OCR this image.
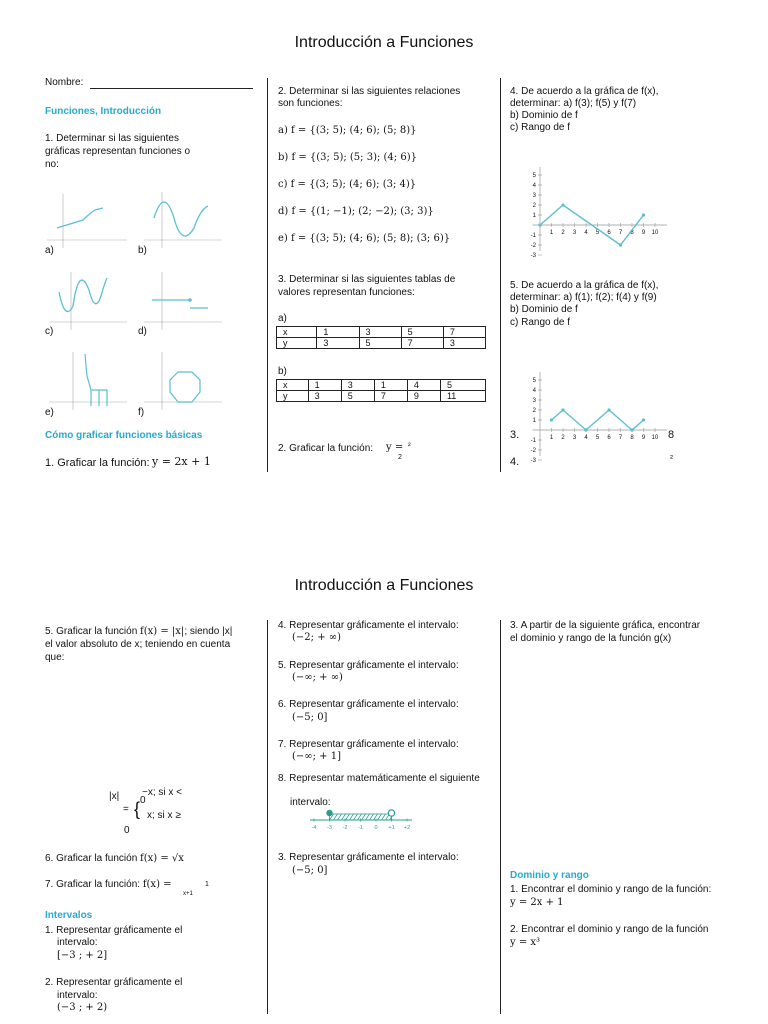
Introducción a Funciones
Nombre:
Funciones, Introducción
1. Determinar si las siguientes
gráficas representan funciones o
no:
a)	b)
c)	d)
e)	f)
Cómo graficar funciones básicas
1. Graficar la función: y = 2x + 1
2. Determinar si las siguientes relaciones
son funciones:
a) f = {(3; 5); (4; 6); (5; 8)}
b) f = {(3; 5); (5; 3); (4; 6)}
c) f = {(3; 5); (4; 6); (3; 4)}
d) f = {(1; −1); (2; −2); (3; 3)}
e) f = {(3; 5); (4; 6); (5; 8); (3; 6)}
3. Determinar si las siguientes tablas de
valores representan funciones:
a)
x	1	3	5	7
y	3	5	7	3
b)
x	1	3	1	4	5
y	3	5	7	9	11
2. Graficar la función: y =
2
²
4. De acuerdo a la gráfica de f(x),
determinar: a) f(3); f(5) y f(7)
b) Dominio de f
c) Rango de f
1 2 3 4 5 6 7 8 9 10
5
4
3
2
1
-1
-2
-3
5. De acuerdo a la gráfica de f(x),
determinar: a) f(1); f(2); f(4) y f(9)
b) Dominio de f
c) Rango de f
1 2 3 4 5 6 7 8 9 10
5
4
3
2
1
-1
-2
-3
3.	8
4.	²
Introducción a Funciones
5. Graficar la función f(x) = |x|; siendo |x|
el valor absoluto de x; teniendo en cuenta
que:
|x|
= {
−x; si x <
0
x; si x ≥
0
6. Graficar la función f(x) = √x
7. Graficar la función: f(x) =
x+1
1
Intervalos
1. Representar gráficamente el
intervalo:
[−3 ; + 2]
2. Representar gráficamente el
intervalo:
(−3 ; + 2)
4. Representar gráficamente el intervalo:
(−2; + ∞)
5. Representar gráficamente el intervalo:
(−∞; + ∞)
6. Representar gráficamente el intervalo:
(−5; 0]
7. Representar gráficamente el intervalo:
(−∞; + 1]
8. Representar matemáticamente el siguiente
intervalo:
-4 -3 -2 -1 0 +1 +2
3. Representar gráficamente el intervalo:
(−5; 0]
3. A partir de la siguiente gráfica, encontrar
el dominio y rango de la función g(x)
Dominio y rango
1. Encontrar el dominio y rango de la función:
y = 2x + 1
2. Encontrar el dominio y rango de la función
y = x³
